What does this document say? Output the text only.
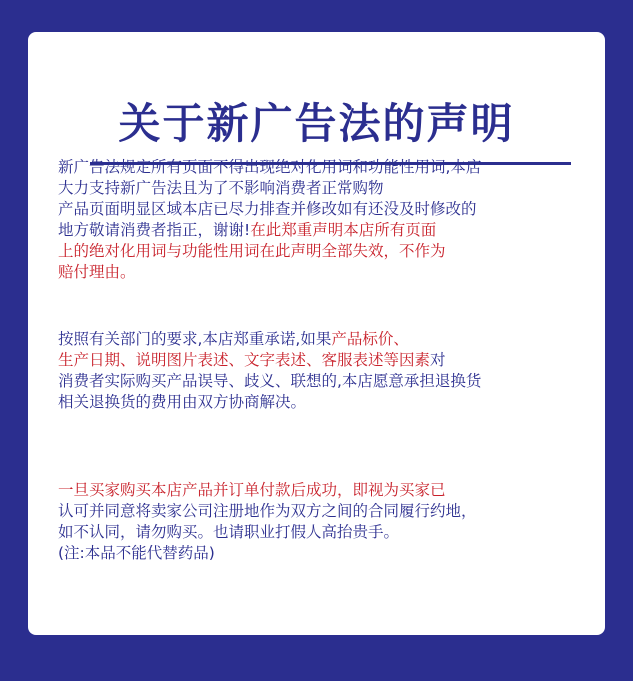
关于新广告法的声明
新广告法规定所有页面不得出现绝对化用词和功能性用词,本店
大力支持新广告法且为了不影响消费者正常购物
产品页面明显区域本店已尽力排查并修改如有还没及时修改的
地方敬请消费者指正，谢谢!在此郑重声明本店所有页面
上的绝对化用词与功能性用词在此声明全部失效，不作为
赔付理由。
按照有关部门的要求,本店郑重承诺,如果产品标价、
生产日期、说明图片表述、文字表述、客服表述等因素对
消费者实际购买产品误导、歧义、联想的,本店愿意承担退换货
相关退换货的费用由双方协商解决。
一旦买家购买本店产品并订单付款后成功，即视为买家已
认可并同意将卖家公司注册地作为双方之间的合同履行约地，
如不认同，请勿购买。也请职业打假人高抬贵手。
(注:本品不能代替药品)
